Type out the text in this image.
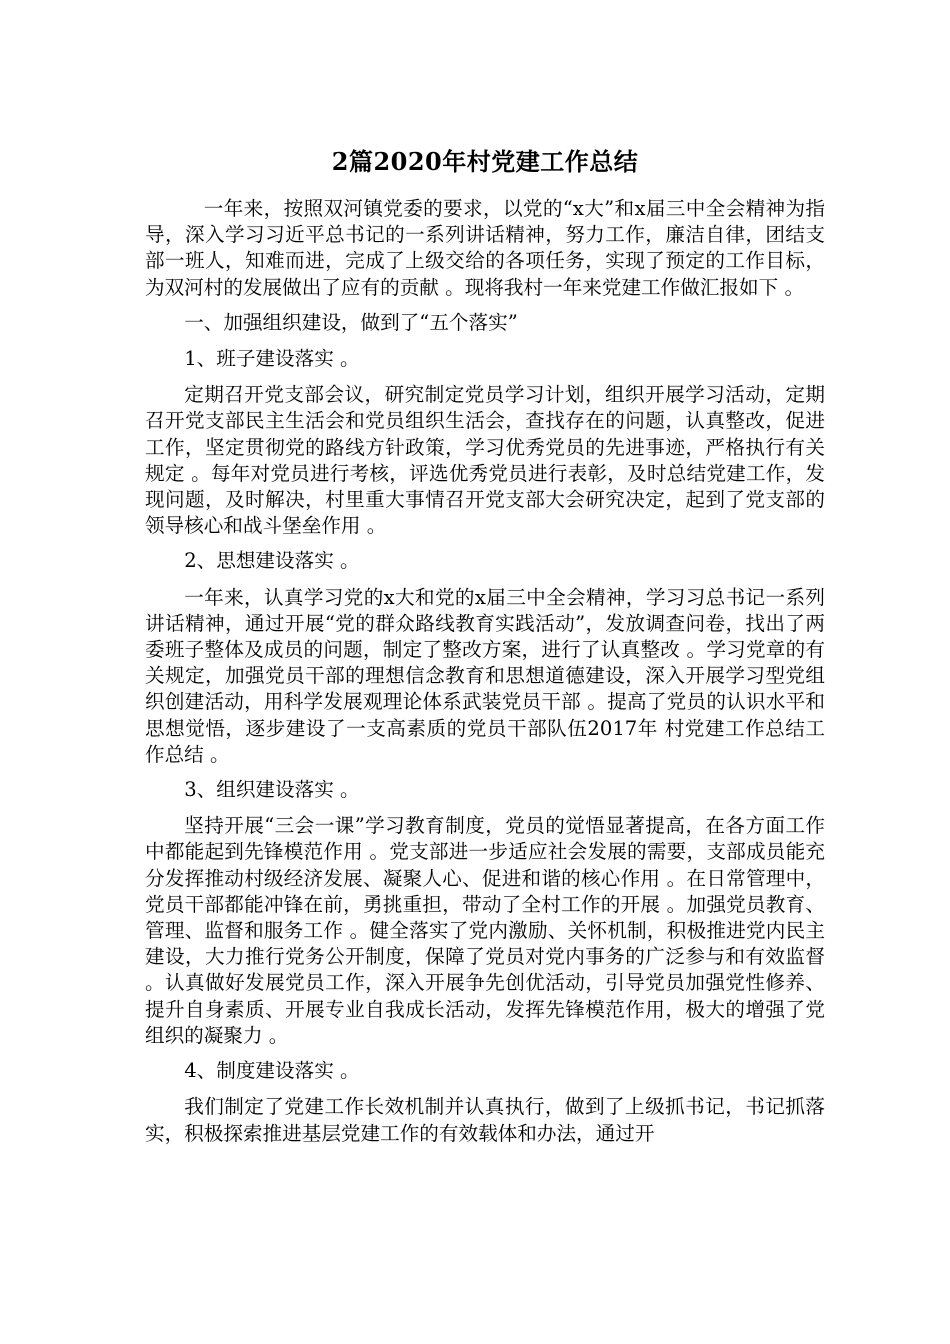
2篇2020年村党建工作总结

一年来，按照双河镇党委的要求，以党的“x大”和x届三中全会精神为指导，深入学习习近平总书记的一系列讲话精神，努力工作，廉洁自律，团结支部一班人，知难而进，完成了上级交给的各项任务，实现了预定的工作目标，为双河村的发展做出了应有的贡献 。现将我村一年来党建工作做汇报如下 。

一、加强组织建设，做到了“五个落实”

1、班子建设落实 。

定期召开党支部会议，研究制定党员学习计划，组织开展学习活动，定期召开党支部民主生活会和党员组织生活会，查找存在的问题，认真整改，促进工作，坚定贯彻党的路线方针政策，学习优秀党员的先进事迹，严格执行有关规定 。每年对党员进行考核，评选优秀党员进行表彰，及时总结党建工作，发现问题，及时解决，村里重大事情召开党支部大会研究决定，起到了党支部的领导核心和战斗堡垒作用 。

2、思想建设落实 。

一年来，认真学习党的x大和党的x届三中全会精神，学习习总书记一系列讲话精神，通过开展“党的群众路线教育实践活动”，发放调查问卷，找出了两委班子整体及成员的问题，制定了整改方案，进行了认真整改 。学习党章的有关规定，加强党员干部的理想信念教育和思想道德建设，深入开展学习型党组织创建活动，用科学发展观理论体系武装党员干部 。提高了党员的认识水平和思想觉悟，逐步建设了一支高素质的党员干部队伍2017年 村党建工作总结工作总结 。

3、组织建设落实 。

坚持开展“三会一课”学习教育制度，党员的觉悟显著提高，在各方面工作中都能起到先锋模范作用 。党支部进一步适应社会发展的需要，支部成员能充分发挥推动村级经济发展、凝聚人心、促进和谐的核心作用 。在日常管理中，党员干部都能冲锋在前，勇挑重担，带动了全村工作的开展 。加强党员教育、管理、监督和服务工作 。健全落实了党内激励、关怀机制，积极推进党内民主建设，大力推行党务公开制度，保障了党员对党内事务的广泛参与和有效监督 。认真做好发展党员工作，深入开展争先创优活动，引导党员加强党性修养、提升自身素质、开展专业自我成长活动，发挥先锋模范作用，极大的增强了党组织的凝聚力 。

4、制度建设落实 。

我们制定了党建工作长效机制并认真执行，做到了上级抓书记，书记抓落实，积极探索推进基层党建工作的有效载体和办法，通过开
